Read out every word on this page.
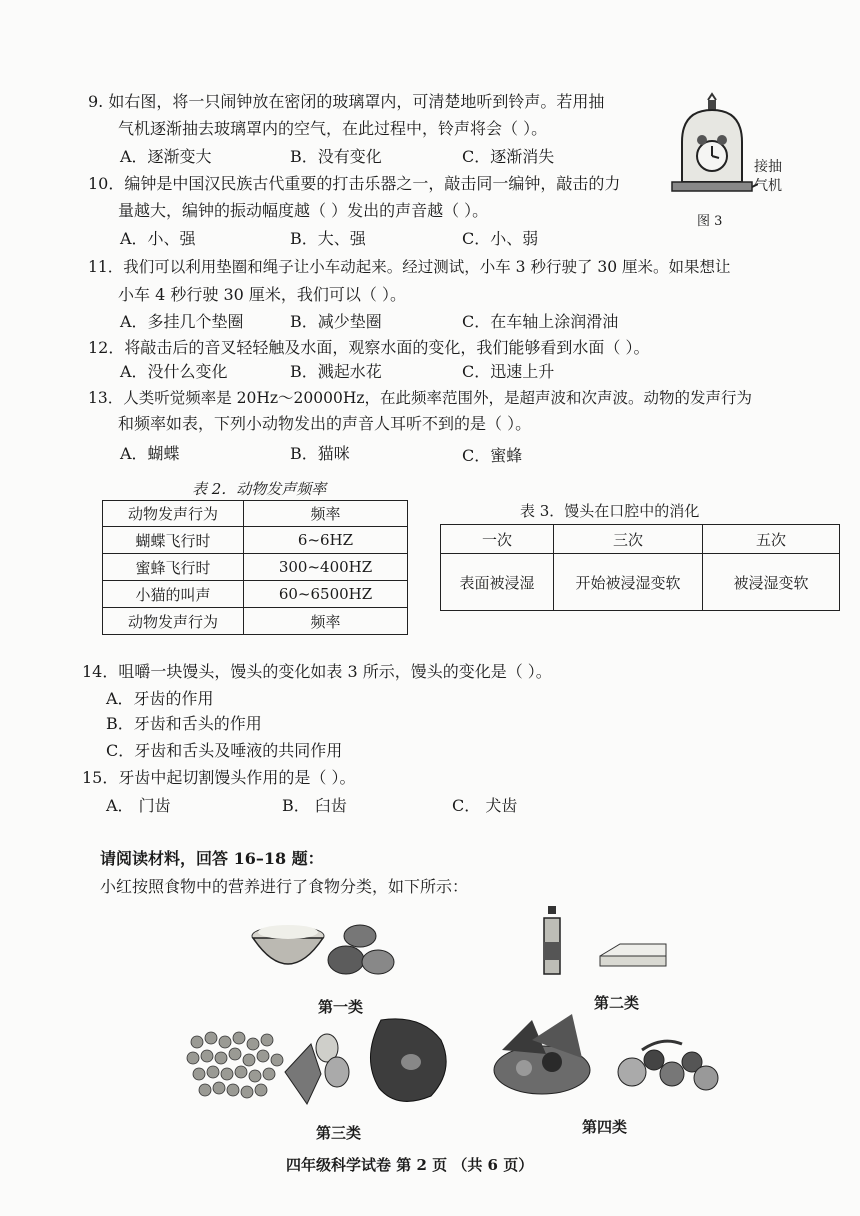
9. 如右图，将一只闹钟放在密闭的玻璃罩内，可清楚地听到铃声。若用抽
气机逐渐抽去玻璃罩内的空气，在此过程中，铃声将会（ ）。
A．逐渐变大	B．没有变化	C．逐渐消失
接抽
气机
图 3
10．编钟是中国汉民族古代重要的打击乐器之一，敲击同一编钟，敲击的力
量越大，编钟的振动幅度越（ ）发出的声音越（ ）。
A．小、强	B．大、强	C．小、弱
11．我们可以利用垫圈和绳子让小车动起来。经过测试，小车 3 秒行驶了 30 厘米。如果想让
小车 4 秒行驶 30 厘米，我们可以（ ）。
A．多挂几个垫圈	B．减少垫圈	C．在车轴上涂润滑油
12．将敲击后的音叉轻轻触及水面，观察水面的变化，我们能够看到水面（ ）。
A．没什么变化	B．溅起水花	C．迅速上升
13．人类听觉频率是 20Hz～20000Hz，在此频率范围外，是超声波和次声波。动物的发声行为
和频率如表，下列小动物发出的声音人耳听不到的是（ ）。
A．蝴蝶	B．猫咪	C．蜜蜂
表 2．动物发声频率
动物发声行为	频率
蝴蝶飞行时	6~6HZ
蜜蜂飞行时	300~400HZ
小猫的叫声	60~6500HZ
动物发声行为	频率
表 3．馒头在口腔中的消化
一次	三次	五次
表面被浸湿	开始被浸湿变软	被浸湿变软
14．咀嚼一块馒头，馒头的变化如表 3 所示，馒头的变化是（ ）。
A．牙齿的作用
B．牙齿和舌头的作用
C．牙齿和舌头及唾液的共同作用
15．牙齿中起切割馒头作用的是（ ）。
A． 门齿	B． 臼齿	C． 犬齿
请阅读材料，回答 16–18 题：
小红按照食物中的营养进行了食物分类，如下所示：
第一类	第二类
第三类	第四类
四年级科学试卷 第 2 页 （共 6 页）
